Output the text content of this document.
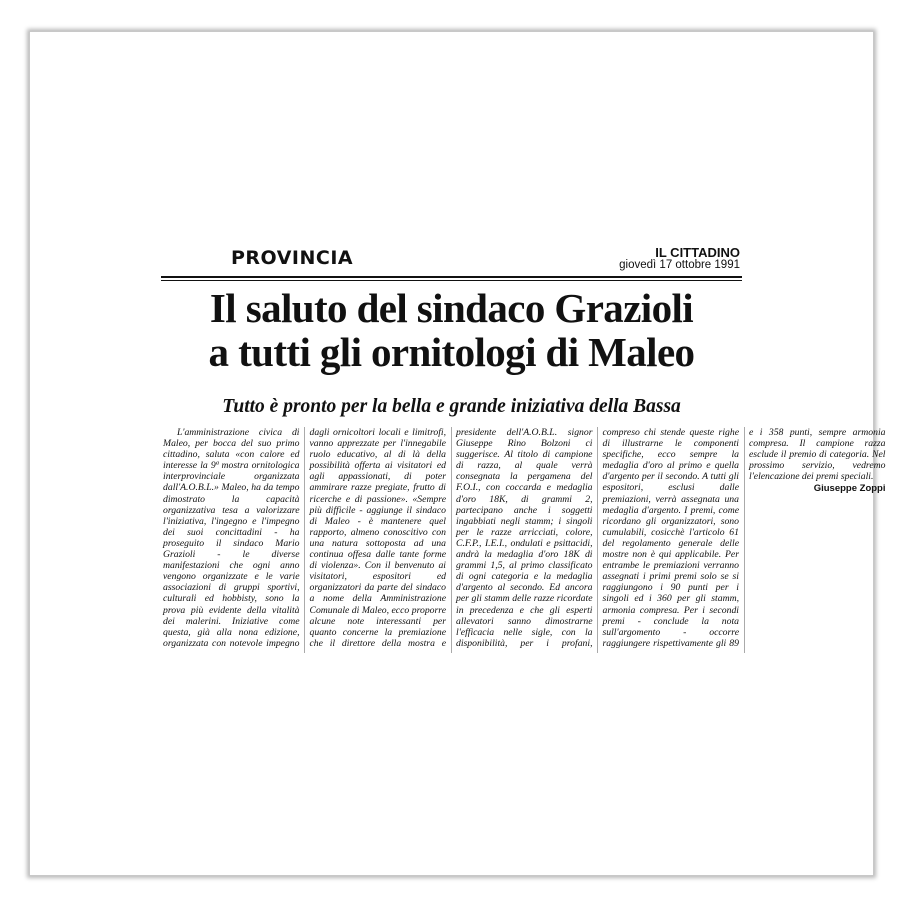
PROVINCIA	IL CITTADINO
giovedì 17 ottobre 1991
Il saluto del sindaco Grazioli
a tutti gli ornitologi di Maleo
Tutto è pronto per la bella e grande iniziativa della Bassa

L'amministrazione civica di Maleo, per bocca del suo primo cittadino, saluta «con calore ed interesse la 9ª mostra ornitologica interprovinciale organizzata dall'A.O.B.L.» Maleo, ha da tempo dimostrato la capacità organizzativa tesa a valorizzare l'iniziativa, l'ingegno e l'impegno dei suoi concittadini - ha proseguito il sindaco Mario Grazioli - le diverse manifestazioni che ogni anno vengono organizzate e le varie associazioni di gruppi sportivi, culturali ed hobbisty, sono la prova più evidente della vitalità dei malerini. Iniziative come questa, già alla nona edizione, organizzata con notevole impegno dagli ornicoltori locali e limitrofi, vanno apprezzate per l'innegabile ruolo educativo, al di là della possibilità offerta ai visitatori ed agli appassionati, di poter ammirare razze pregiate, frutto di ricerche e di passione». «Sempre più difficile - aggiunge il sindaco di Maleo - è mantenere quel rapporto, almeno conoscitivo con una natura sottoposta ad una continua offesa dalle tante forme di violenza». Con il benvenuto ai visitatori, espositori ed organizzatori da parte del sindaco a nome della Amministrazione Comunale di Maleo, ecco proporre alcune note interessanti per quanto concerne la premiazione che il direttore della mostra e presidente dell'A.O.B.L. signor Giuseppe Rino Bolzoni ci suggerisce. Al titolo di campione di razza, al quale verrà consegnata la pergamena del F.O.I., con coccarda e medaglia d'oro 18K, di grammi 2, partecipano anche i soggetti ingabbiati negli stamm; i singoli per le razze arricciati, colore, C.F.P., I.E.I., ondulati e psittacidi, andrà la medaglia d'oro 18K di grammi 1,5, al primo classificato di ogni categoria e la medaglia d'argento al secondo. Ed ancora per gli stamm delle razze ricordate in precedenza e che gli esperti allevatori sanno dimostrarne l'efficacia nelle sigle, con la disponibilità, per i profani, compreso chi stende queste righe di illustrarne le componenti specifiche, ecco sempre la medaglia d'oro al primo e quella d'argento per il secondo. A tutti gli espositori, esclusi dalle premiazioni, verrà assegnata una medaglia d'argento. I premi, come ricordano gli organizzatori, sono cumulabili, cosicchè l'articolo 61 del regolamento generale delle mostre non è qui applicabile. Per entrambe le premiazioni verranno assegnati i primi premi solo se si raggiungono i 90 punti per i singoli ed i 360 per gli stamm, armonia compresa. Per i secondi premi - conclude la nota sull'argomento - occorre raggiungere rispettivamente gli 89 e i 358 punti, sempre armonia compresa. Il campione razza esclude il premio di categoria. Nel prossimo servizio, vedremo l'elencazione dei premi speciali.

Giuseppe Zoppi
